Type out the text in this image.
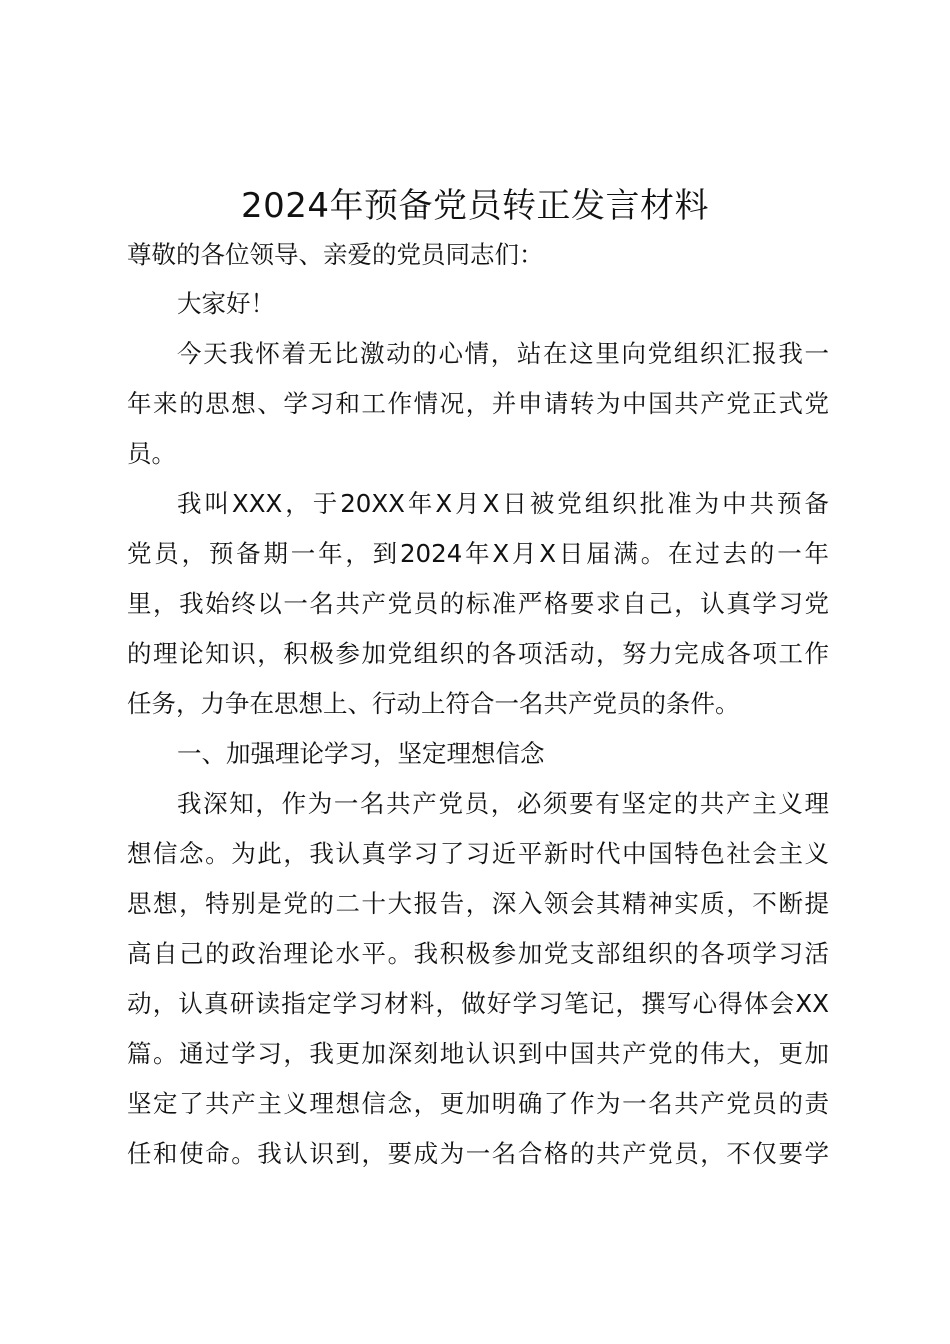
2024年预备党员转正发言材料
尊敬的各位领导、亲爱的党员同志们：
大家好！
今天我怀着无比激动的心情，站在这里向党组织汇报我一
年来的思想、学习和工作情况，并申请转为中国共产党正式党
员。
我叫XXX，于20XX年X月X日被党组织批准为中共预备
党员，预备期一年，到2024年X月X日届满。在过去的一年
里，我始终以一名共产党员的标准严格要求自己，认真学习党
的理论知识，积极参加党组织的各项活动，努力完成各项工作
任务，力争在思想上、行动上符合一名共产党员的条件。
一、加强理论学习，坚定理想信念
我深知，作为一名共产党员，必须要有坚定的共产主义理
想信念。为此，我认真学习了习近平新时代中国特色社会主义
思想，特别是党的二十大报告，深入领会其精神实质，不断提
高自己的政治理论水平。我积极参加党支部组织的各项学习活
动，认真研读指定学习材料，做好学习笔记，撰写心得体会XX
篇。通过学习，我更加深刻地认识到中国共产党的伟大，更加
坚定了共产主义理想信念，更加明确了作为一名共产党员的责
任和使命。我认识到，要成为一名合格的共产党员，不仅要学
